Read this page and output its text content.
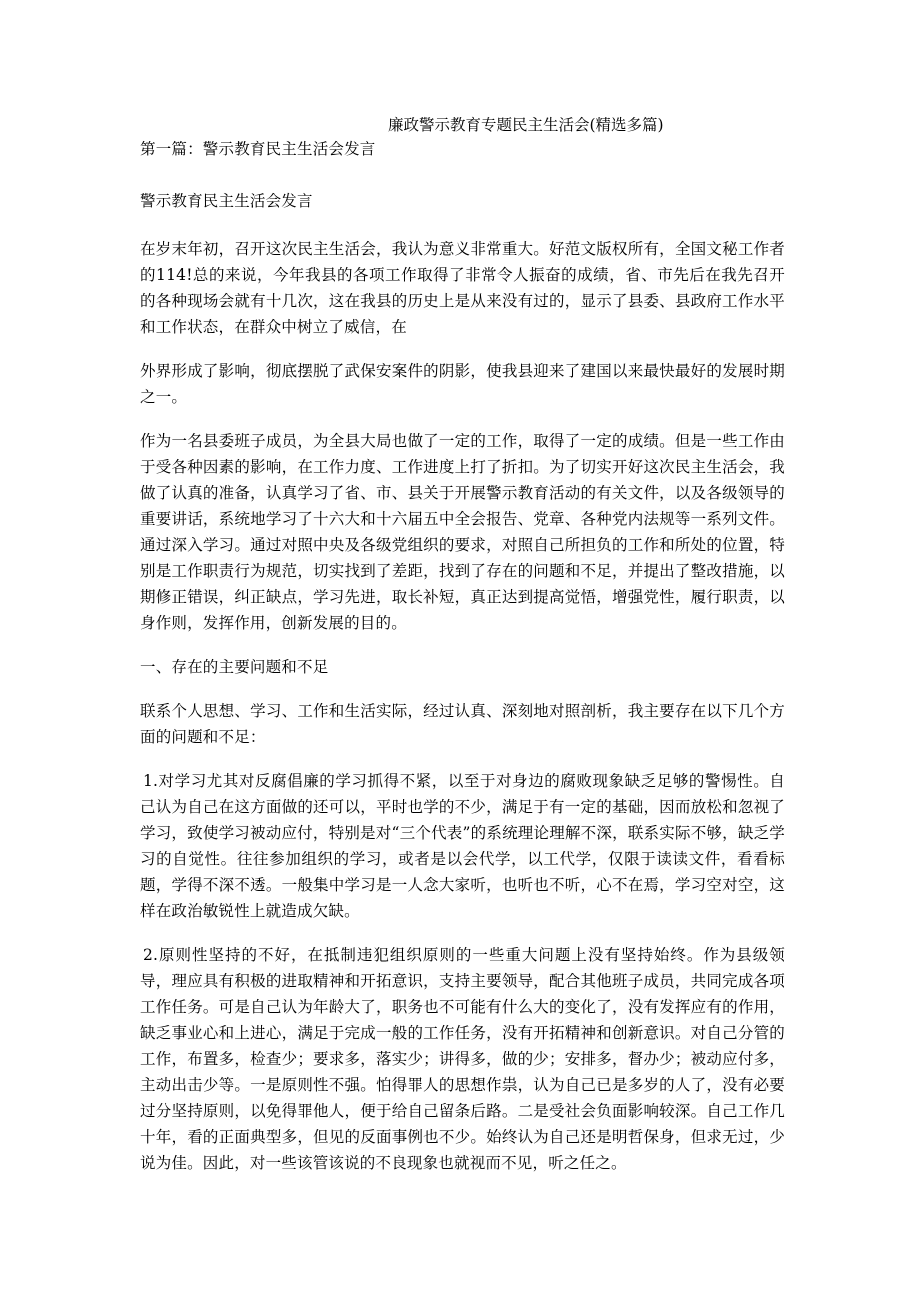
廉政警示教育专题民主生活会(精选多篇)

第一篇：警示教育民主生活会发言

警示教育民主生活会发言

在岁末年初，召开这次民主生活会，我认为意义非常重大。好范文版权所有，全国文秘工作者的114!总的来说，今年我县的各项工作取得了非常令人振奋的成绩，省、市先后在我先召开的各种现场会就有十几次，这在我县的历史上是从来没有过的，显示了县委、县政府工作水平和工作状态，在群众中树立了威信，在

外界形成了影响，彻底摆脱了武保安案件的阴影，使我县迎来了建国以来最快最好的发展时期之一。

作为一名县委班子成员，为全县大局也做了一定的工作，取得了一定的成绩。但是一些工作由于受各种因素的影响，在工作力度、工作进度上打了折扣。为了切实开好这次民主生活会，我做了认真的准备，认真学习了省、市、县关于开展警示教育活动的有关文件，以及各级领导的重要讲话，系统地学习了十六大和十六届五中全会报告、党章、各种党内法规等一系列文件。通过深入学习。通过对照中央及各级党组织的要求，对照自己所担负的工作和所处的位置，特别是工作职责行为规范，切实找到了差距，找到了存在的问题和不足，并提出了整改措施，以期修正错误，纠正缺点，学习先进，取长补短，真正达到提高觉悟，增强党性，履行职责，以身作则，发挥作用，创新发展的目的。

一、存在的主要问题和不足

联系个人思想、学习、工作和生活实际，经过认真、深刻地对照剖析，我主要存在以下几个方面的问题和不足：

1.对学习尤其对反腐倡廉的学习抓得不紧，以至于对身边的腐败现象缺乏足够的警惕性。自己认为自己在这方面做的还可以，平时也学的不少，满足于有一定的基础，因而放松和忽视了学习，致使学习被动应付，特别是对“三个代表”的系统理论理解不深，联系实际不够，缺乏学习的自觉性。往往参加组织的学习，或者是以会代学，以工代学，仅限于读读文件，看看标题，学得不深不透。一般集中学习是一人念大家听，也听也不听，心不在焉，学习空对空，这样在政治敏锐性上就造成欠缺。

2.原则性坚持的不好，在抵制违犯组织原则的一些重大问题上没有坚持始终。作为县级领导，理应具有积极的进取精神和开拓意识，支持主要领导，配合其他班子成员，共同完成各项工作任务。可是自己认为年龄大了，职务也不可能有什么大的变化了，没有发挥应有的作用，缺乏事业心和上进心，满足于完成一般的工作任务，没有开拓精神和创新意识。对自己分管的工作，布置多，检查少；要求多，落实少；讲得多，做的少；安排多，督办少；被动应付多，主动出击少等。一是原则性不强。怕得罪人的思想作祟，认为自己已是多岁的人了，没有必要过分坚持原则，以免得罪他人，便于给自己留条后路。二是受社会负面影响较深。自己工作几十年，看的正面典型多，但见的反面事例也不少。始终认为自己还是明哲保身，但求无过，少说为佳。因此，对一些该管该说的不良现象也就视而不见，听之任之。
